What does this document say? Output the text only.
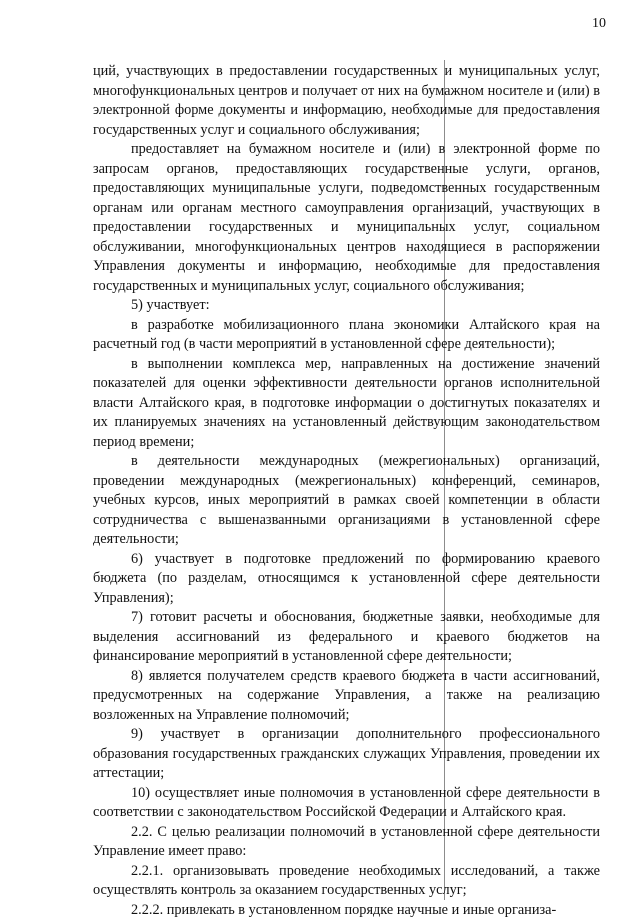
10

ций, участвующих в предоставлении государственных и муниципальных услуг, многофункциональных центров и получает от них на бумажном носителе и (или) в электронной форме документы и информацию, необходимые для предоставления государственных услуг и социального обслуживания;

предоставляет на бумажном носителе и (или) в электронной форме по запросам органов, предоставляющих государственные услуги, органов, предоставляющих муниципальные услуги, подведомственных государственным органам или органам местного самоуправления организаций, участвующих в предоставлении государственных и муниципальных услуг, социальном обслуживании, многофункциональных центров находящиеся в распоряжении Управления документы и информацию, необходимые для предоставления государственных и муниципальных услуг, социального обслуживания;

5) участвует:

в разработке мобилизационного плана экономики Алтайского края на расчетный год (в части мероприятий в установленной сфере деятельности);

в выполнении комплекса мер, направленных на достижение значений показателей для оценки эффективности деятельности органов исполнительной власти Алтайского края, в подготовке информации о достигнутых показателях и их планируемых значениях на установленный действующим законодательством период времени;

в деятельности международных (межрегиональных) организаций, проведении международных (межрегиональных) конференций, семинаров, учебных курсов, иных мероприятий в рамках своей компетенции в области сотрудничества с вышеназванными организациями в установленной сфере деятельности;

6) участвует в подготовке предложений по формированию краевого бюджета (по разделам, относящимся к установленной сфере деятельности Управления);

7) готовит расчеты и обоснования, бюджетные заявки, необходимые для выделения ассигнований из федерального и краевого бюджетов на финансирование мероприятий в установленной сфере деятельности;

8) является получателем средств краевого бюджета в части ассигнований, предусмотренных на содержание Управления, а также на реализацию возложенных на Управление полномочий;

9) участвует в организации дополнительного профессионального образования государственных гражданских служащих Управления, проведении их аттестации;

10) осуществляет иные полномочия в установленной сфере деятельности в соответствии с законодательством Российской Федерации и Алтайского края.

2.2. С целью реализации полномочий в установленной сфере деятельности Управление имеет право:

2.2.1. организовывать проведение необходимых исследований, а также осуществлять контроль за оказанием государственных услуг;

2.2.2. привлекать в установленном порядке научные и иные организа-
